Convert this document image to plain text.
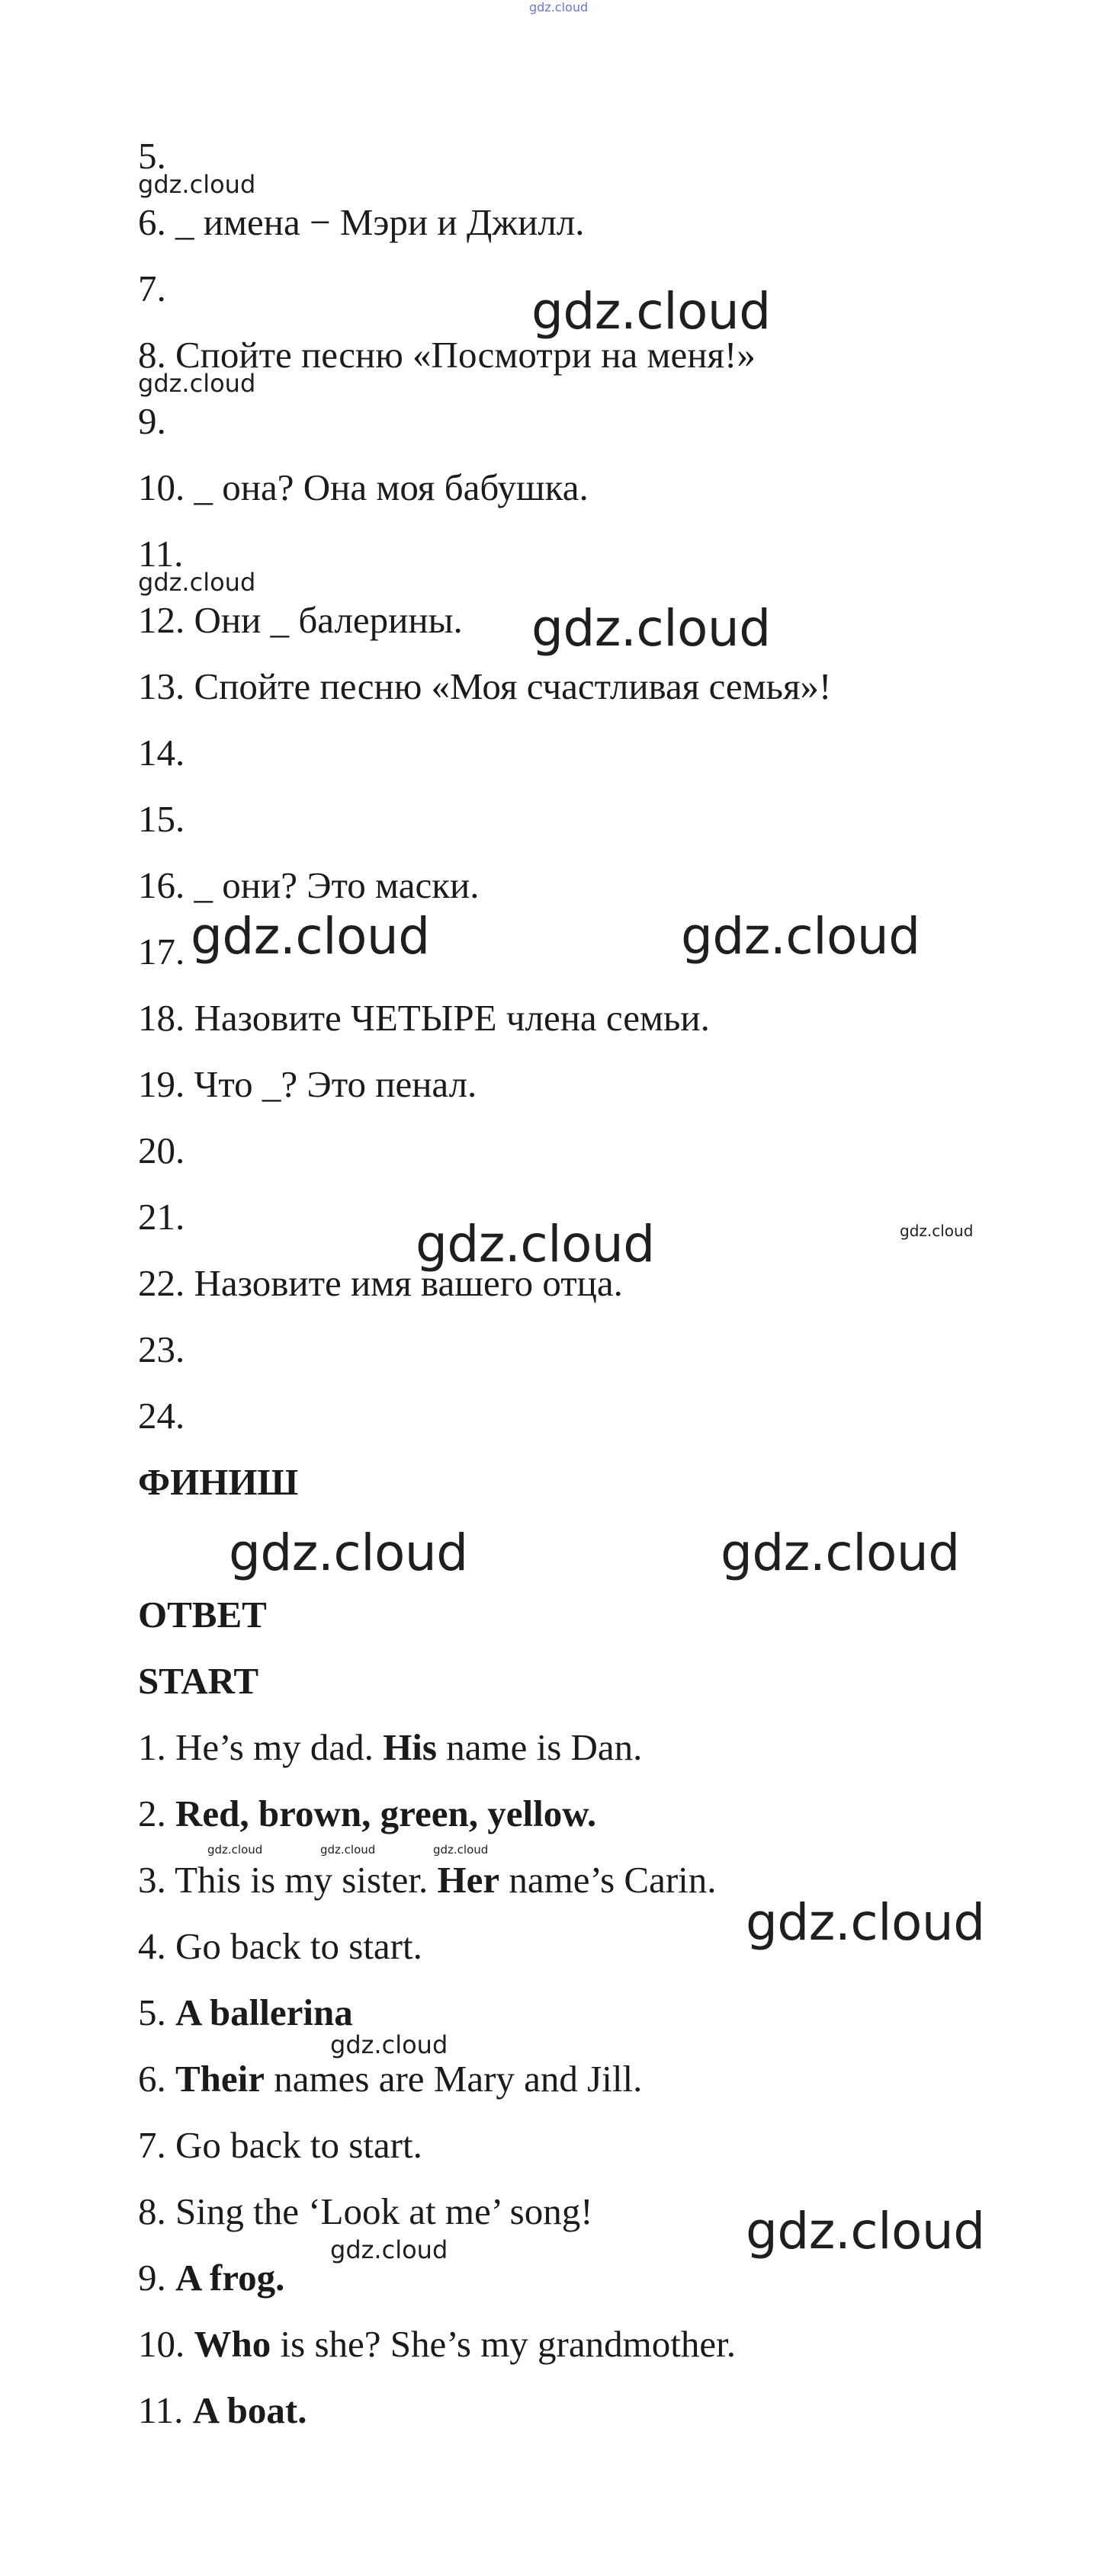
5.
6. _ имена − Мэри и Джилл.
7.
8. Спойте песню «Посмотри на меня!»
9.
10. _ она? Она моя бабушка.
11.
12. Они _ балерины.
13. Спойте песню «Моя счастливая семья»!
14.
15.
16. _ они? Это маски.
17.
18. Назовите ЧЕТЫРЕ члена семьи.
19. Что _? Это пенал.
20.
21.
22. Назовите имя вашего отца.
23.
24.
ФИНИШ
ОТВЕТ
START
1. He’s my dad. His name is Dan.
2. Red, brown, green, yellow.
3. This is my sister. Her name’s Carin.
4. Go back to start.
5. A ballerina
6. Their names are Mary and Jill.
7. Go back to start.
8. Sing the ‘Look at me’ song!
9. A frog.
10. Who is she? She’s my grandmother.
11. A boat.
gdz.cloud
gdz.cloud
gdz.cloud
gdz.cloud
gdz.cloud
gdz.cloud
gdz.cloud	gdz.cloud
gdz.cloud	gdz.cloud
gdz.cloud	gdz.cloud
gdz.cloud	gdz.cloud	gdz.cloud
gdz.cloud
gdz.cloud
gdz.cloud
gdz.cloud
